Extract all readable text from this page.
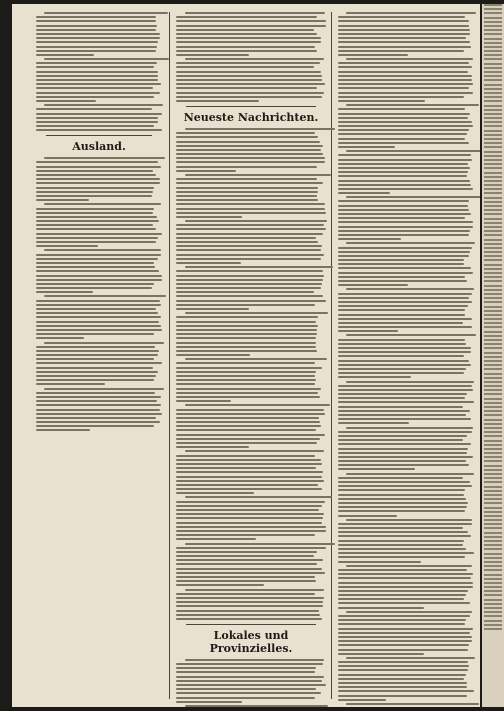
Ausland.
Neueste Nachrichten.
Lokales und Provinzielles.
